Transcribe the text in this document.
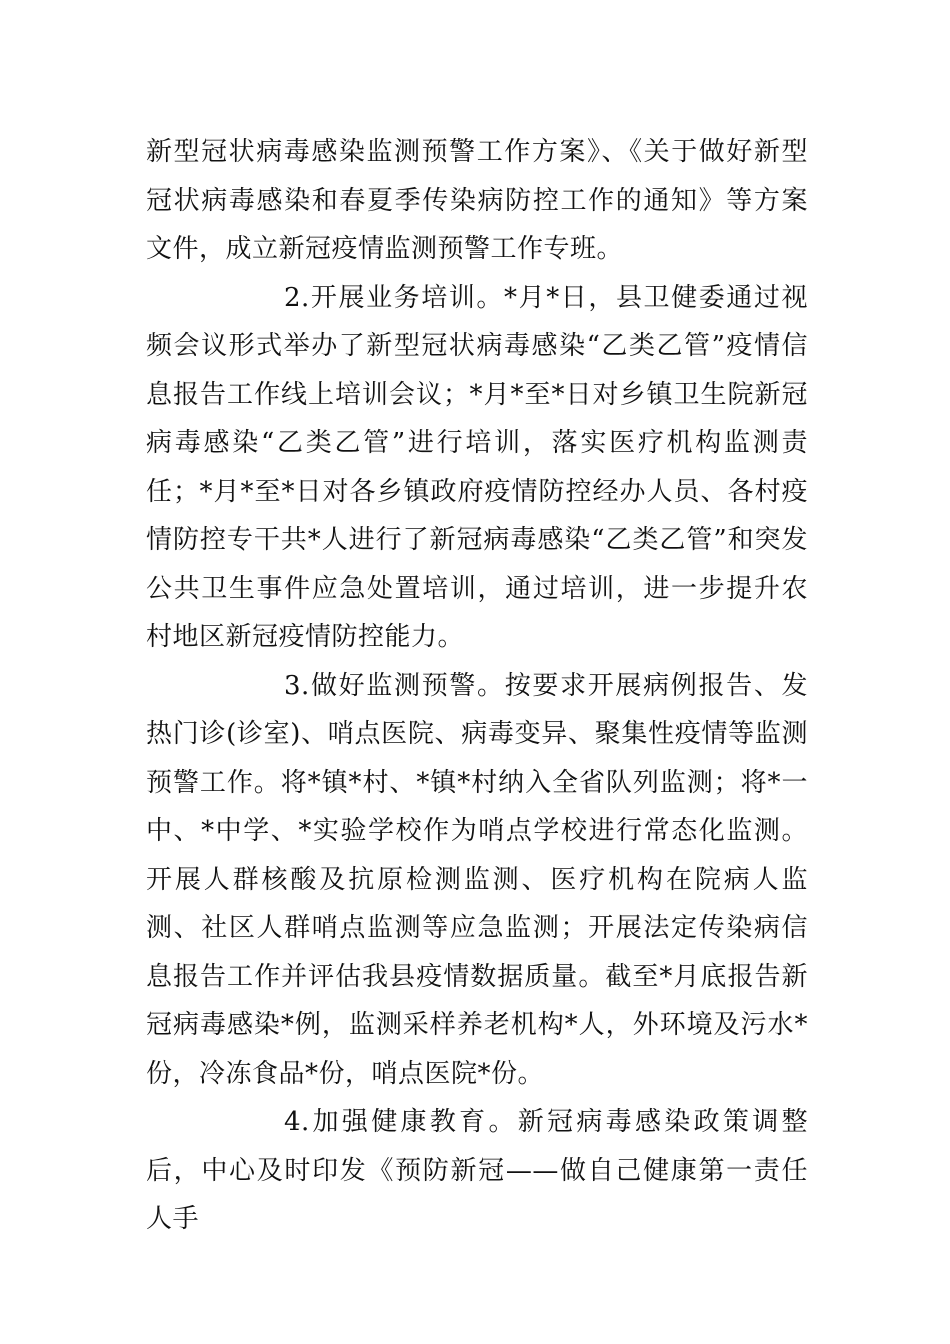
新型冠状病毒感染监测预警工作方案》、《关于做好新型冠状病毒感染和春夏季传染病防控工作的通知》等方案文件，成立新冠疫情监测预警工作专班。

2.开展业务培训。*月*日，县卫健委通过视频会议形式举办了新型冠状病毒感染“乙类乙管”疫情信息报告工作线上培训会议；*月*至*日对乡镇卫生院新冠病毒感染“乙类乙管”进行培训，落实医疗机构监测责任；*月*至*日对各乡镇政府疫情防控经办人员、各村疫情防控专干共*人进行了新冠病毒感染“乙类乙管”和突发公共卫生事件应急处置培训，通过培训，进一步提升农村地区新冠疫情防控能力。

3.做好监测预警。按要求开展病例报告、发热门诊(诊室)、哨点医院、病毒变异、聚集性疫情等监测预警工作。将*镇*村、*镇*村纳入全省队列监测；将*一中、*中学、*实验学校作为哨点学校进行常态化监测。开展人群核酸及抗原检测监测、医疗机构在院病人监测、社区人群哨点监测等应急监测；开展法定传染病信息报告工作并评估我县疫情数据质量。截至*月底报告新冠病毒感染*例，监测采样养老机构*人，外环境及污水*份，冷冻食品*份，哨点医院*份。

4.加强健康教育。新冠病毒感染政策调整后，中心及时印发《预防新冠——做自己健康第一责任人手
